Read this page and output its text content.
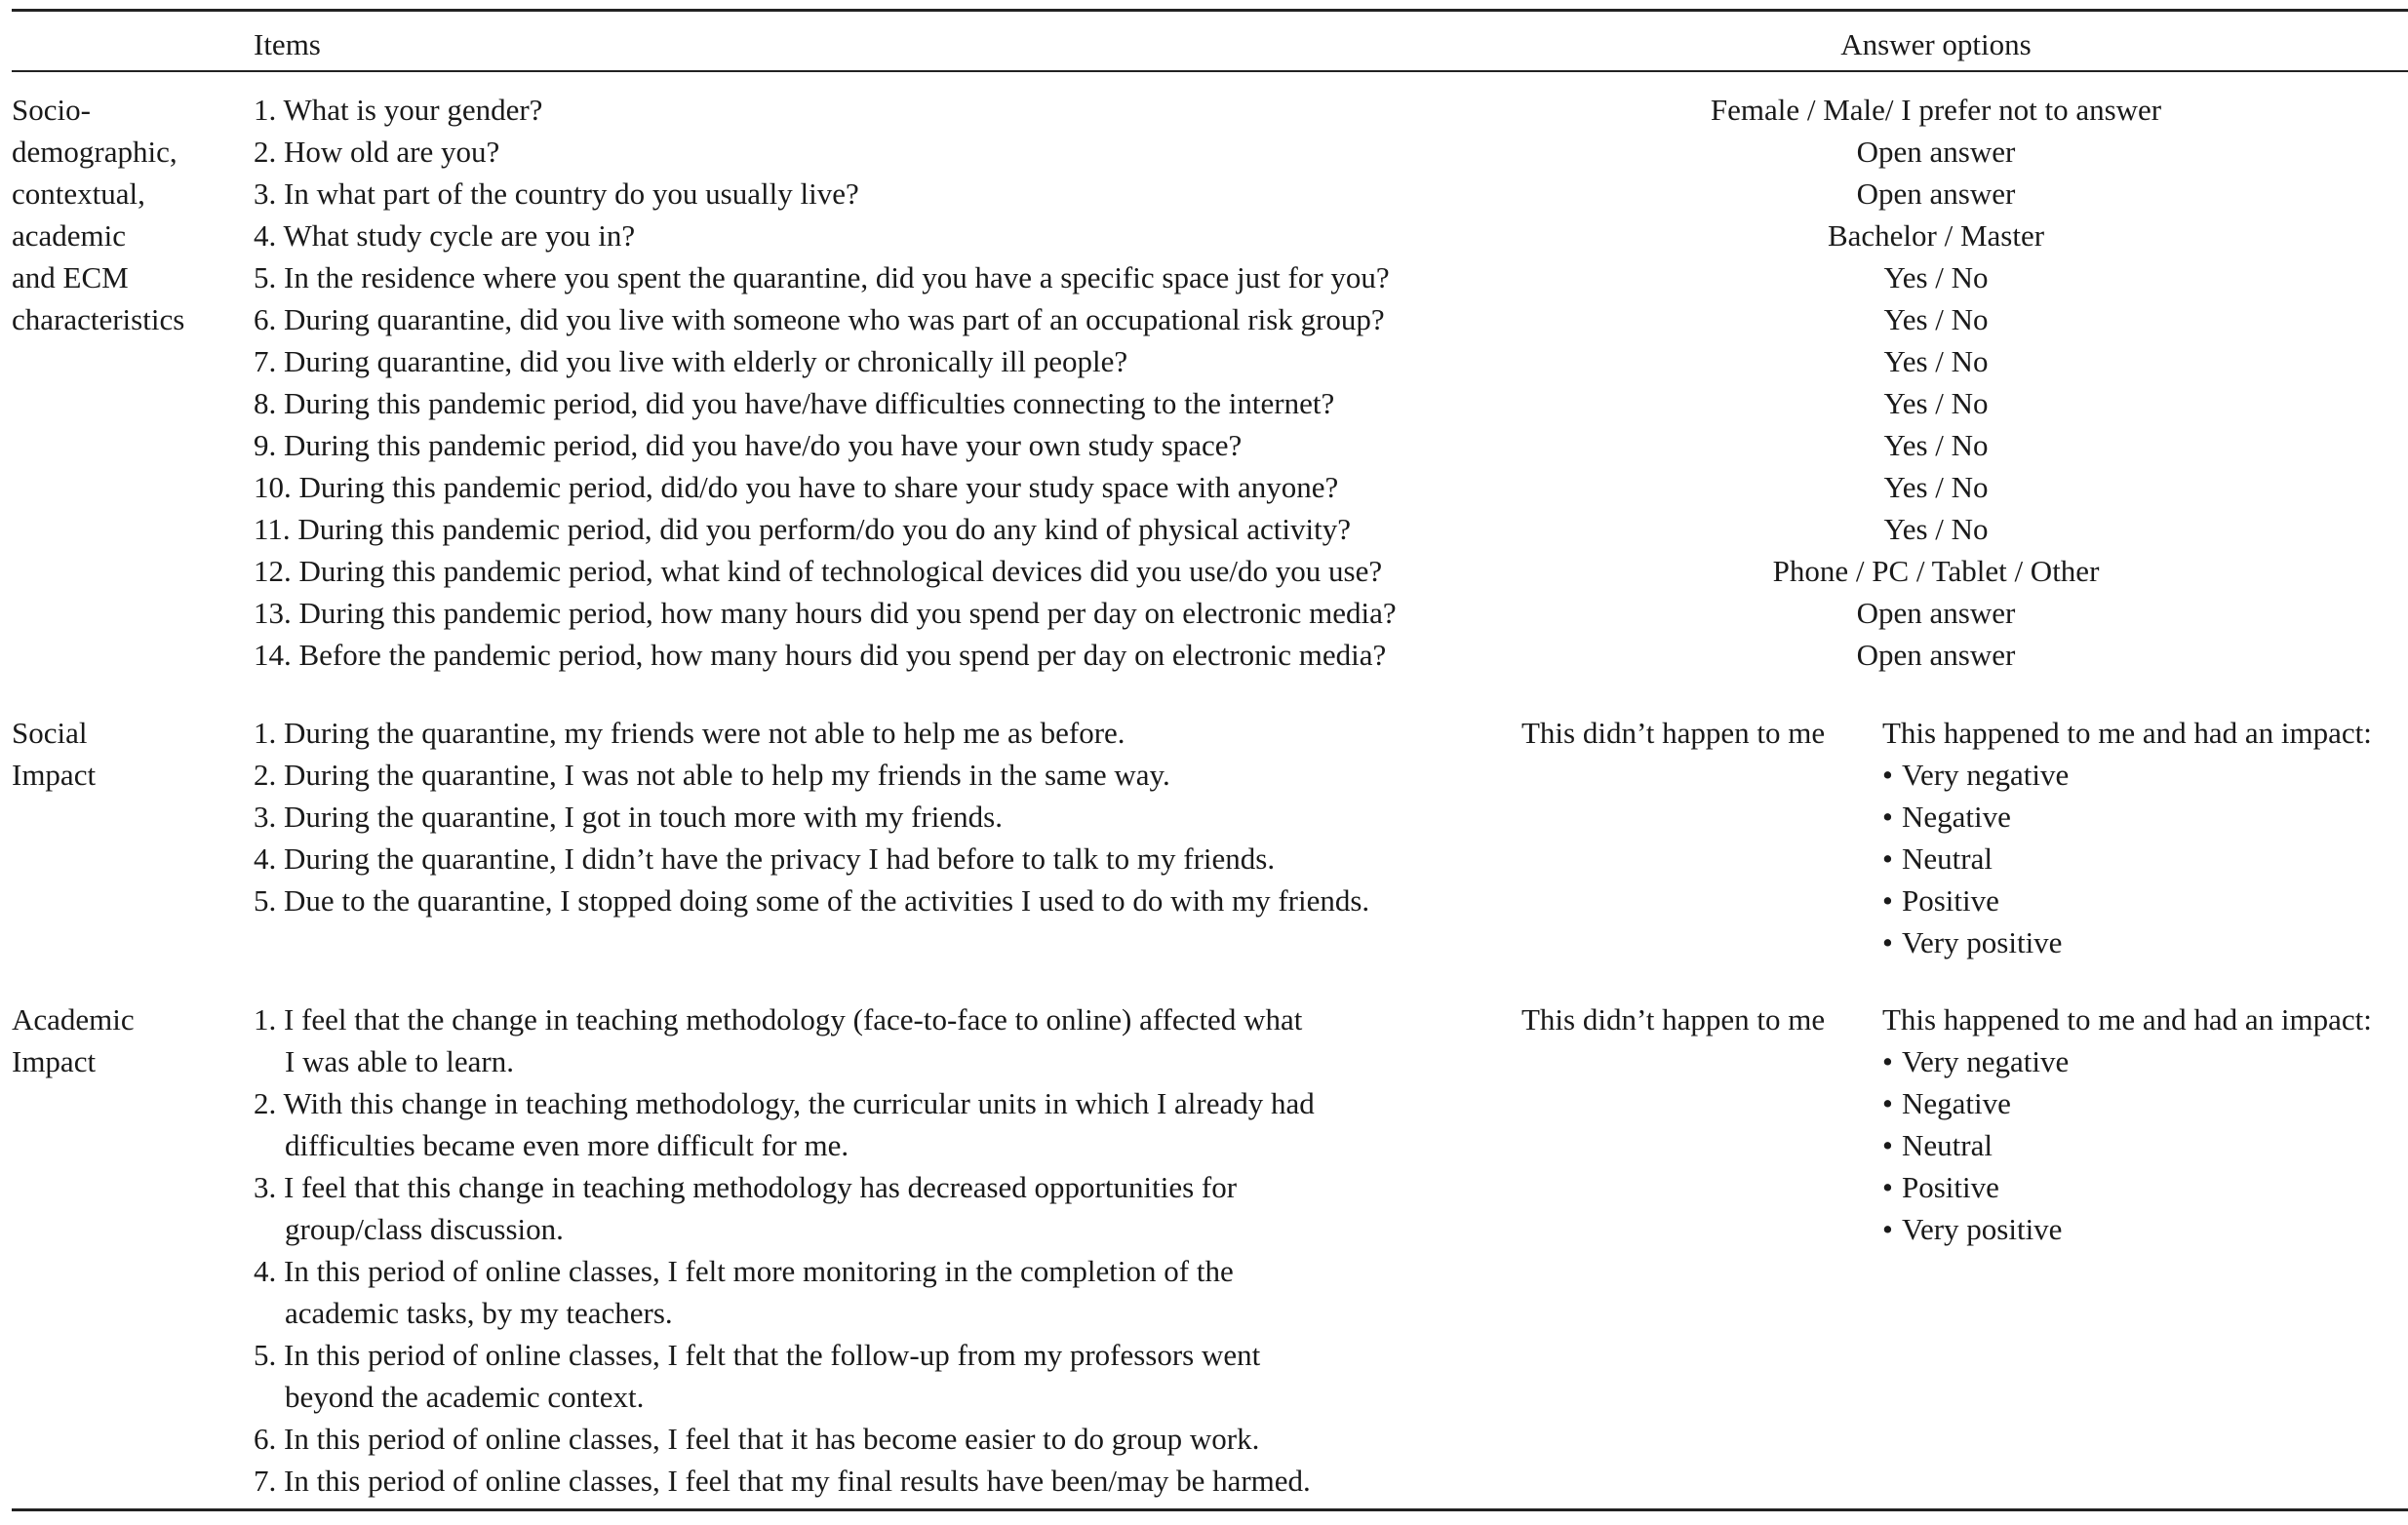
Items	Answer options
Socio-
demographic,
contextual,
academic
and ECM
characteristics
1. What is your gender?
2. How old are you?
3. In what part of the country do you usually live?
4. What study cycle are you in?
5. In the residence where you spent the quarantine, did you have a specific space just for you?
6. During quarantine, did you live with someone who was part of an occupational risk group?
7. During quarantine, did you live with elderly or chronically ill people?
8. During this pandemic period, did you have/have difficulties connecting to the internet?
9. During this pandemic period, did you have/do you have your own study space?
10. During this pandemic period, did/do you have to share your study space with anyone?
11. During this pandemic period, did you perform/do you do any kind of physical activity?
12. During this pandemic period, what kind of technological devices did you use/do you use?
13. During this pandemic period, how many hours did you spend per day on electronic media?
14. Before the pandemic period, how many hours did you spend per day on electronic media?
Female / Male/ I prefer not to answer
Open answer
Open answer
Bachelor / Master
Yes / No
Yes / No
Yes / No
Yes / No
Yes / No
Yes / No
Yes / No
Phone / PC / Tablet / Other
Open answer
Open answer
Social
Impact
1. During the quarantine, my friends were not able to help me as before.
2. During the quarantine, I was not able to help my friends in the same way.
3. During the quarantine, I got in touch more with my friends.
4. During the quarantine, I didn’t have the privacy I had before to talk to my friends.
5. Due to the quarantine, I stopped doing some of the activities I used to do with my friends.
This didn’t happen to me This happened to me and had an impact:
• Very negative
• Negative
• Neutral
• Positive
• Very positive
Academic
Impact
1. I feel that the change in teaching methodology (face-to-face to online) affected what
I was able to learn.
2. With this change in teaching methodology, the curricular units in which I already had
difficulties became even more difficult for me.
3. I feel that this change in teaching methodology has decreased opportunities for
group/class discussion.
4. In this period of online classes, I felt more monitoring in the completion of the
academic tasks, by my teachers.
5. In this period of online classes, I felt that the follow-up from my professors went
beyond the academic context.
6. In this period of online classes, I feel that it has become easier to do group work.
7. In this period of online classes, I feel that my final results have been/may be harmed.
This didn’t happen to me This happened to me and had an impact:
• Very negative
• Negative
• Neutral
• Positive
• Very positive
